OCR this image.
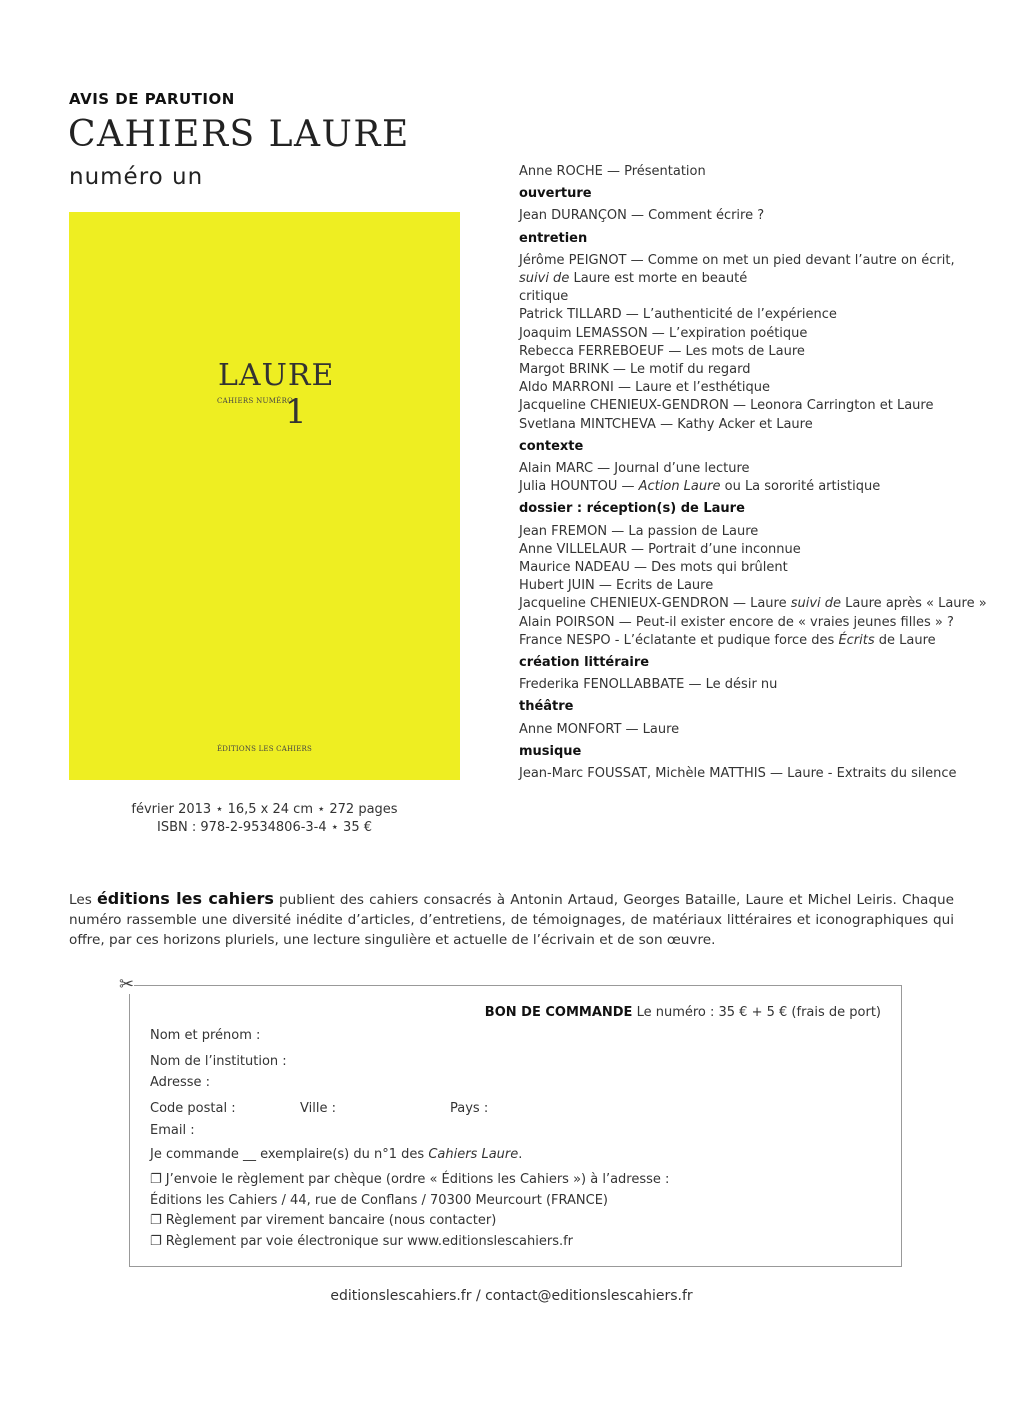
AVIS DE PARUTION
CAHIERS LAURE
numéro un
LAURE
CAHIERS NUMÉRO
1
ÉDITIONS LES CAHIERS
février 2013 ⋆ 16,5 x 24 cm ⋆ 272 pages
ISBN : 978-2-9534806-3-4 ⋆ 35 €
Anne ROCHE — Présentation
ouverture
Jean DURANÇON — Comment écrire ?
entretien
Jérôme PEIGNOT — Comme on met un pied devant l’autre on écrit, suivi de Laure est morte en beauté
critique
Patrick TILLARD — L’authenticité de l’expérience
Joaquim LEMASSON — L’expiration poétique
Rebecca FERREBOEUF — Les mots de Laure
Margot BRINK — Le motif du regard
Aldo MARRONI — Laure et l’esthétique
Jacqueline CHENIEUX-GENDRON — Leonora Carrington et Laure
Svetlana MINTCHEVA — Kathy Acker et Laure
contexte
Alain MARC — Journal d’une lecture
Julia HOUNTOU — Action Laure ou La sororité artistique
dossier : réception(s) de Laure
Jean FREMON — La passion de Laure
Anne VILLELAUR — Portrait d’une inconnue
Maurice NADEAU — Des mots qui brûlent
Hubert JUIN — Ecrits de Laure
Jacqueline CHENIEUX-GENDRON — Laure suivi de Laure après « Laure »
Alain POIRSON — Peut-il exister encore de « vraies jeunes filles » ?
France NESPO - L’éclatante et pudique force des Écrits de Laure
création littéraire
Frederika FENOLLABBATE — Le désir nu
théâtre
Anne MONFORT — Laure
musique
Jean-Marc FOUSSAT, Michèle MATTHIS — Laure - Extraits du silence
Les éditions les cahiers publient des cahiers consacrés à Antonin Artaud, Georges Bataille, Laure et Michel Leiris. Chaque numéro rassemble une diversité inédite d’articles, d’entretiens, de témoignages, de matériaux littéraires et iconographiques qui offre, par ces horizons pluriels, une lecture singulière et actuelle de l’écrivain et de son œuvre.
BON DE COMMANDE Le numéro : 35 € + 5 € (frais de port)
Nom et prénom :
Nom de l’institution :
Adresse :
Code postal :	Ville :	Pays :
Email :
Je commande __ exemplaire(s) du n°1 des Cahiers Laure.
❐ J’envoie le règlement par chèque (ordre « Éditions les Cahiers ») à l’adresse :
Éditions les Cahiers / 44, rue de Conflans / 70300 Meurcourt (FRANCE)
❐ Règlement par virement bancaire (nous contacter)
❐ Règlement par voie électronique sur www.editionslescahiers.fr
✂
editionslescahiers.fr / contact@editionslescahiers.fr
